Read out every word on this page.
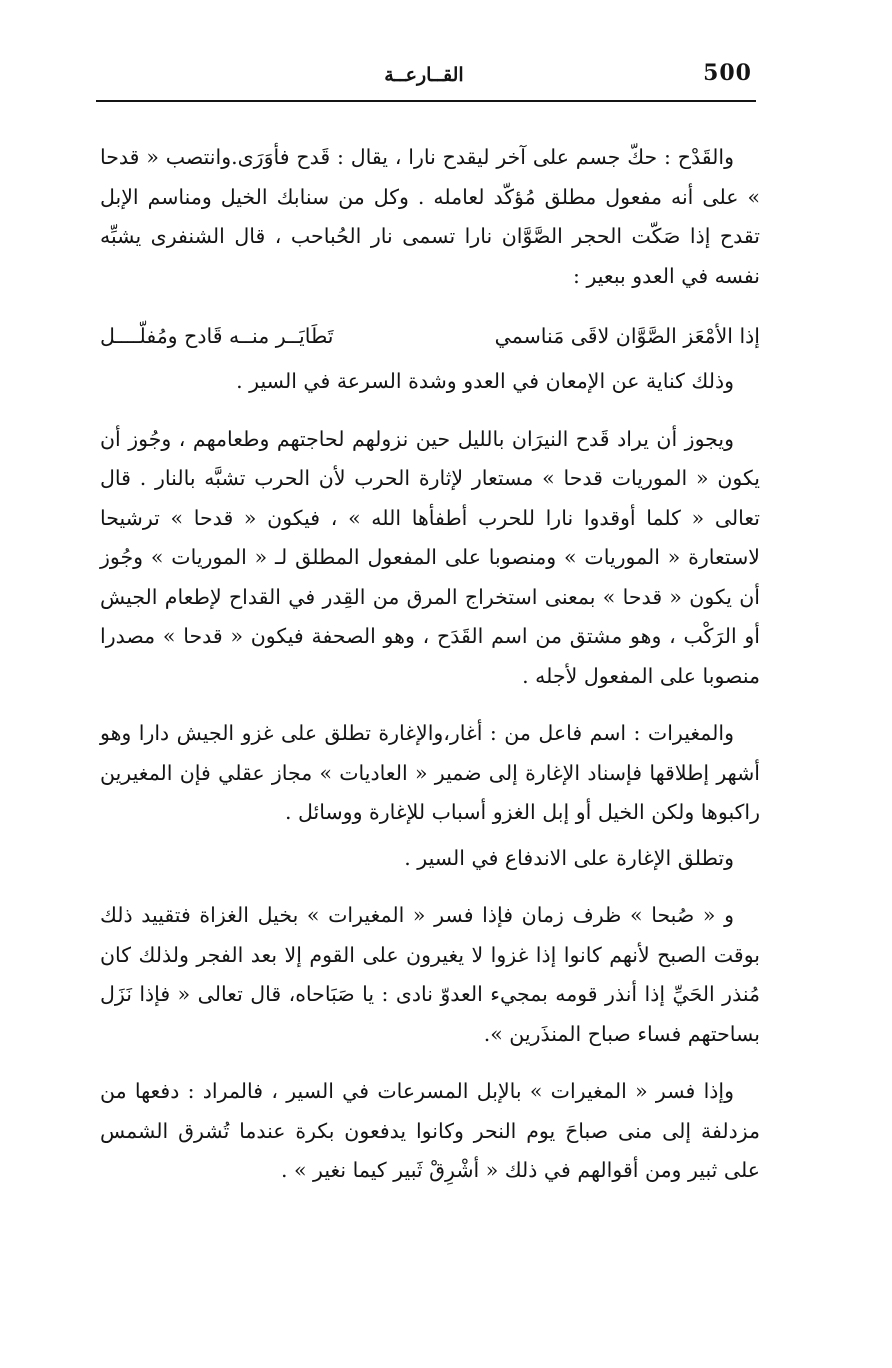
القــارعــة	500

والقَدْح : حكّ جسم على آخر ليقدح نارا ، يقال : قَدح فأوَرَى.وانتصب « قدحا » على أنه مفعول مطلق مُؤكّد لعامله . وكل من سنابك الخيل ومناسم الإبل تقدح إذا صَكّت الحجر الصَّوَّان نارا تسمى نار الحُباحب ، قال الشنفرى يشبِّه نفسه في العدو ببعير :

إذا الأمْعَز الصَّوَّان لاقَى مَناسمي
تَطَايَــر منــه قَادح ومُفلّــــل

وذلك كناية عن الإمعان في العدو وشدة السرعة في السير .

ويجوز أن يراد قَدح النيرَان بالليل حين نزولهم لحاجتهم وطعامهم ، وجُوز أن يكون « الموريات قدحا » مستعار لإثارة الحرب لأن الحرب تشبَّه بالنار . قال تعالى « كلما أوقدوا نارا للحرب أطفأها الله » ، فيكون « قدحا » ترشيحا لاستعارة « الموريات » ومنصوبا على المفعول المطلق لـ « الموريات » وجُوز أن يكون « قدحا » بمعنى استخراج المرق من القِدر في القداح لإطعام الجيش أو الرَكْب ، وهو مشتق من اسم القَدَح ، وهو الصحفة فيكون « قدحا » مصدرا منصوبا على المفعول لأجله .

والمغيرات : اسم فاعل من : أغار،والإغارة تطلق على غزو الجيش دارا وهو أشهر إطلاقها فإسناد الإغارة إلى ضمير « العاديات » مجاز عقلي فإن المغيرين راكبوها ولكن الخيل أو إبل الغزو أسباب للإغارة ووسائل .

وتطلق الإغارة على الاندفاع في السير .

و « صُبحا » ظرف زمان فإذا فسر « المغيرات » بخيل الغزاة فتقييد ذلك بوقت الصبح لأنهم كانوا إذا غزوا لا يغيرون على القوم إلا بعد الفجر ولذلك كان مُنذر الحَيِّ إذا أنذر قومه بمجيء العدوّ نادى : يا صَبَاحاه، قال تعالى « فإذا نَزَل بساحتهم فساء صباح المنذَرين ».

وإذا فسر « المغيرات » بالإبل المسرعات في السير ، فالمراد : دفعها من مزدلفة إلى منى صباحَ يوم النحر وكانوا يدفعون بكرة عندما تُشرق الشمس على ثبير ومن أقوالهم في ذلك « أشْرِقْ ثَبير كيما نغير » .
